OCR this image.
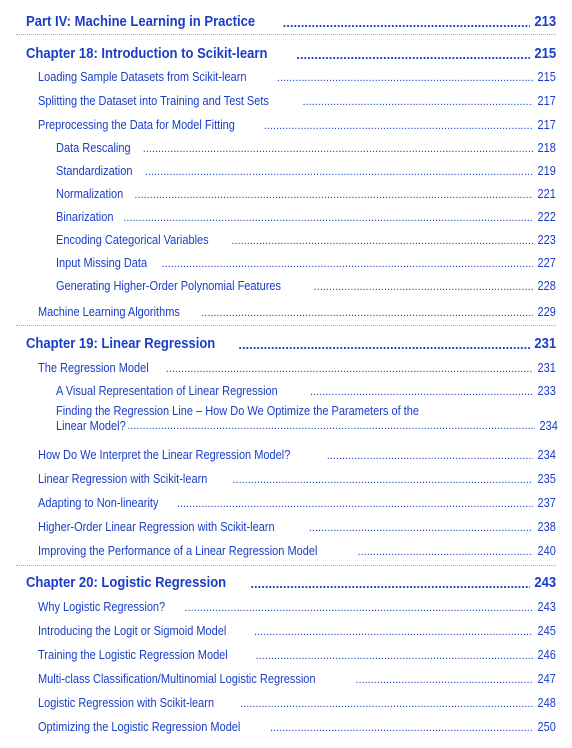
Part IV: Machine Learning in Practice .....	213
Chapter 18: Introduction to Scikit-learn .....	215
Loading Sample Datasets from Scikit-learn .....	215
Splitting the Dataset into Training and Test Sets .....	217
Preprocessing the Data for Model Fitting .....	217
Data Rescaling .....	218
Standardization .....	219
Normalization .....	221
Binarization .....	222
Encoding Categorical Variables .....	223
Input Missing Data .....	227
Generating Higher-Order Polynomial Features .....	228
Machine Learning Algorithms .....	229
Chapter 19: Linear Regression .....	231
The Regression Model .....	231
A Visual Representation of Linear Regression .....	233
Finding the Regression Line – How Do We Optimize the Parameters of the
Linear Model? .....	234
How Do We Interpret the Linear Regression Model? .....	234
Linear Regression with Scikit-learn .....	235
Adapting to Non-linearity .....	237
Higher-Order Linear Regression with Scikit-learn .....	238
Improving the Performance of a Linear Regression Model .....	240
Chapter 20: Logistic Regression .....	243
Why Logistic Regression? .....	243
Introducing the Logit or Sigmoid Model .....	245
Training the Logistic Regression Model .....	246
Multi-class Classification/Multinomial Logistic Regression .....	247
Logistic Regression with Scikit-learn .....	248
Optimizing the Logistic Regression Model .....	250
